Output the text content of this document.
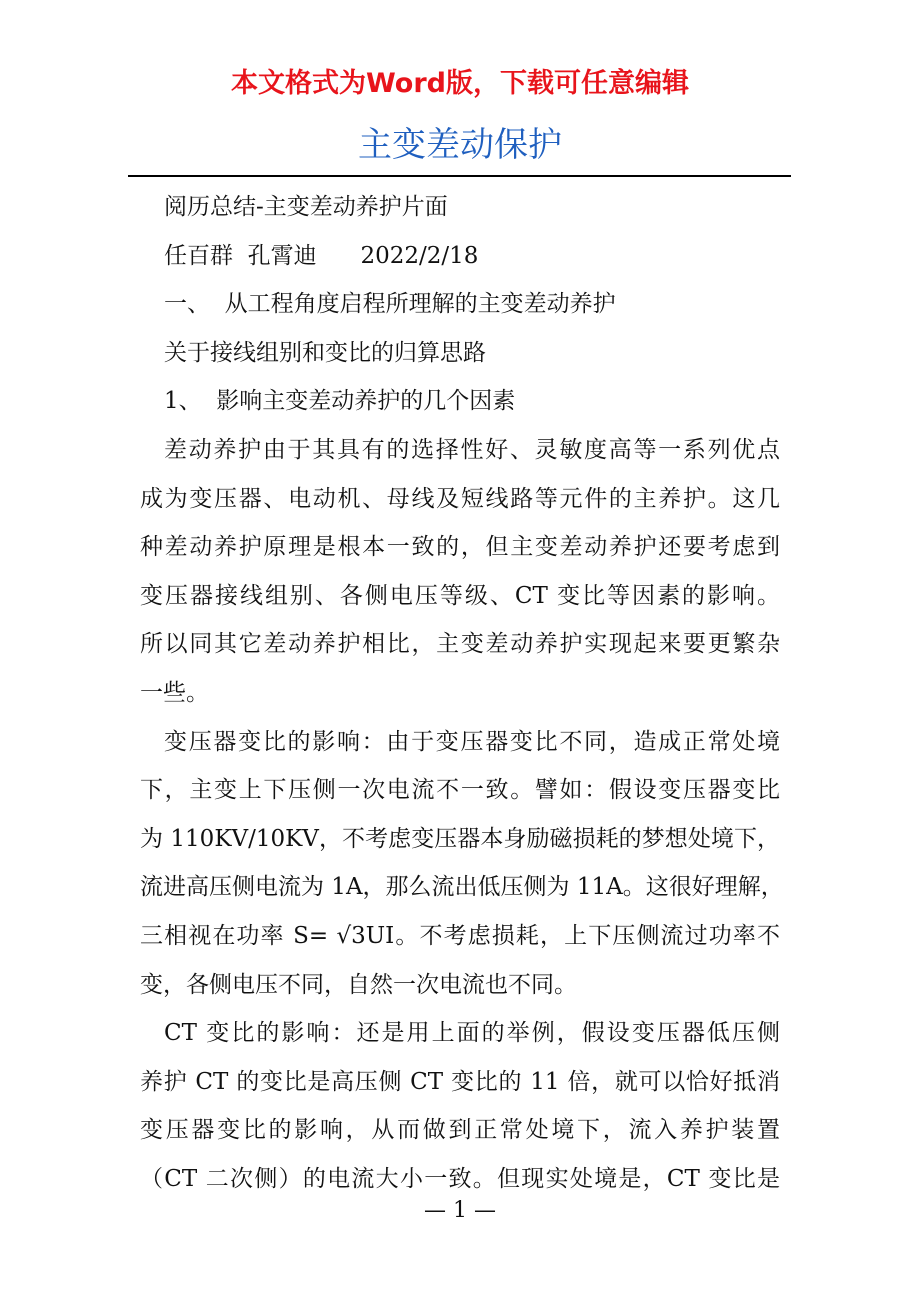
本文格式为Word版，下载可任意编辑
主变差动保护
阅历总结-主变差动养护片面
任百群  孔霄迪      2022/2/18
一、  从工程角度启程所理解的主变差动养护
关于接线组别和变比的归算思路
1、  影响主变差动养护的几个因素
差动养护由于其具有的选择性好、灵敏度高等一系列优点
成为变压器、电动机、母线及短线路等元件的主养护。这几
种差动养护原理是根本一致的，但主变差动养护还要考虑到
变压器接线组别、各侧电压等级、CT 变比等因素的影响。
所以同其它差动养护相比，主变差动养护实现起来要更繁杂
一些。
变压器变比的影响：由于变压器变比不同，造成正常处境
下，主变上下压侧一次电流不一致。譬如：假设变压器变比
为 110KV/10KV，不考虑变压器本身励磁损耗的梦想处境下，
流进高压侧电流为 1A，那么流出低压侧为 11A。这很好理解，
三相视在功率 S= √3UI。不考虑损耗，上下压侧流过功率不
变，各侧电压不同，自然一次电流也不同。
CT 变比的影响：还是用上面的举例，假设变压器低压侧
养护 CT 的变比是高压侧 CT 变比的 11 倍，就可以恰好抵消
变压器变比的影响，从而做到正常处境下，流入养护装置
（CT 二次侧）的电流大小一致。但现实处境是，CT 变比是
— 1 —
